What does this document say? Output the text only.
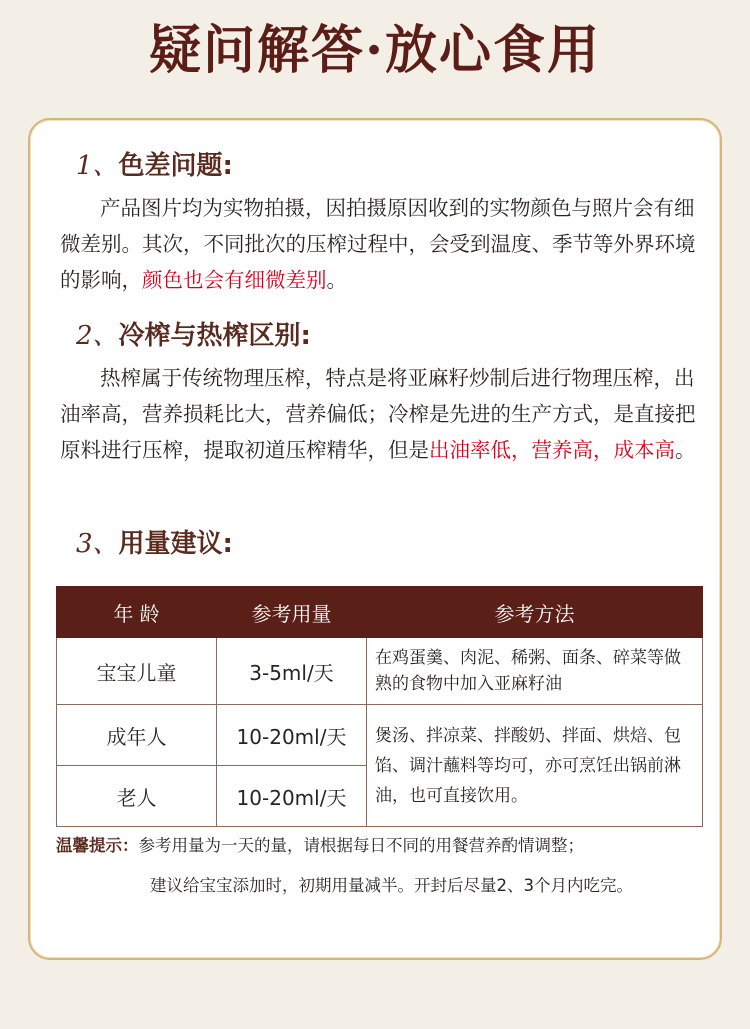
疑问解答·放心食用
1、色差问题:
产品图片均为实物拍摄，因拍摄原因收到的实物颜色与照片会有细微差别。其次，不同批次的压榨过程中，会受到温度、季节等外界环境的影响，颜色也会有细微差别。
2、冷榨与热榨区别:
热榨属于传统物理压榨，特点是将亚麻籽炒制后进行物理压榨，出油率高，营养损耗比大，营养偏低；冷榨是先进的生产方式，是直接把原料进行压榨，提取初道压榨精华，但是出油率低，营养高，成本高。
3、用量建议:
年 龄	参考用量	参考方法
宝宝儿童	3-5ml/天	在鸡蛋羹、肉泥、稀粥、面条、碎菜等做熟的食物中加入亚麻籽油
成年人	10-20ml/天	煲汤、拌凉菜、拌酸奶、拌面、烘焙、包馅、调汁蘸料等均可，亦可烹饪出锅前淋油，也可直接饮用。
老人	10-20ml/天	
温馨提示：参考用量为一天的量，请根据每日不同的用餐营养酌情调整；
建议给宝宝添加时，初期用量减半。开封后尽量2、3个月内吃完。
